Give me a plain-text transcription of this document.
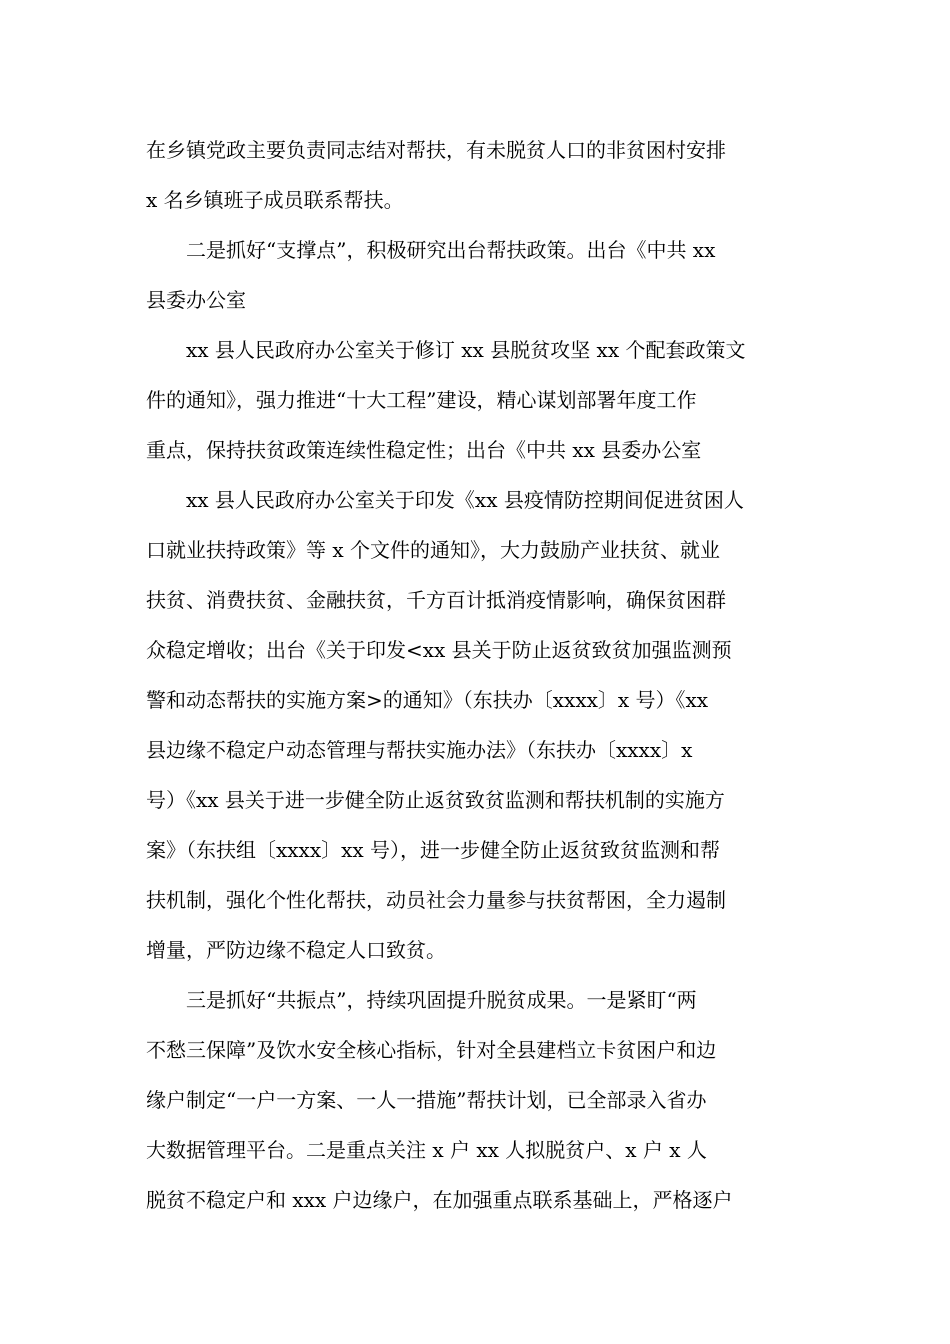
在乡镇党政主要负责同志结对帮扶，有未脱贫人口的非贫困村安排
x 名乡镇班子成员联系帮扶。
　　二是抓好“支撑点”，积极研究出台帮扶政策。出台《中共 xx
县委办公室
　　xx 县人民政府办公室关于修订 xx 县脱贫攻坚 xx 个配套政策文
件的通知》，强力推进“十大工程”建设，精心谋划部署年度工作
重点，保持扶贫政策连续性稳定性；出台《中共 xx 县委办公室
　　xx 县人民政府办公室关于印发《xx 县疫情防控期间促进贫困人
口就业扶持政策》等 x 个文件的通知》，大力鼓励产业扶贫、就业
扶贫、消费扶贫、金融扶贫，千方百计抵消疫情影响，确保贫困群
众稳定增收；出台《关于印发<xx 县关于防止返贫致贫加强监测预
警和动态帮扶的实施方案>的通知》（东扶办〔xxxx〕x 号）《xx
县边缘不稳定户动态管理与帮扶实施办法》（东扶办〔xxxx〕x
号）《xx 县关于进一步健全防止返贫致贫监测和帮扶机制的实施方
案》（东扶组〔xxxx〕xx 号），进一步健全防止返贫致贫监测和帮
扶机制，强化个性化帮扶，动员社会力量参与扶贫帮困，全力遏制
增量，严防边缘不稳定人口致贫。
　　三是抓好“共振点”，持续巩固提升脱贫成果。一是紧盯“两
不愁三保障”及饮水安全核心指标，针对全县建档立卡贫困户和边
缘户制定“一户一方案、一人一措施”帮扶计划，已全部录入省办
大数据管理平台。二是重点关注 x 户 xx 人拟脱贫户、x 户 x 人
脱贫不稳定户和 xxx 户边缘户，在加强重点联系基础上，严格逐户
